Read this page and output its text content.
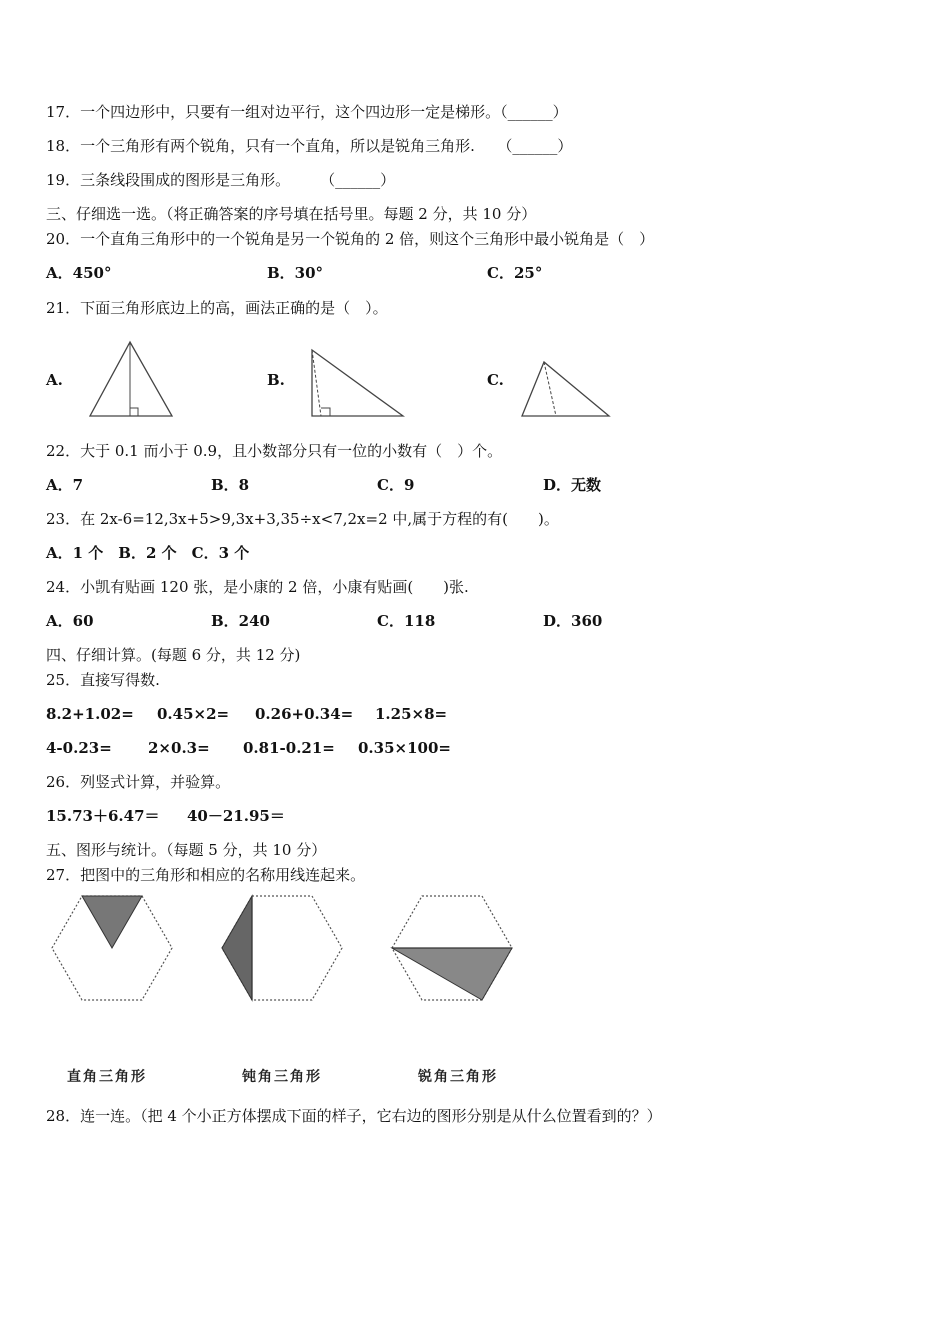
17．一个四边形中，只要有一组对边平行，这个四边形一定是梯形。（______）
18．一个三角形有两个锐角，只有一个直角，所以是锐角三角形.　　（______）
19．三条线段围成的图形是三角形。　　　（______）
三、仔细选一选。（将正确答案的序号填在括号里。每题 2 分，共 10 分）
20．一个直角三角形中的一个锐角是另一个锐角的 2 倍，则这个三角形中最小锐角是（　）
A．450°	B．30°	C．25°
21．下面三角形底边上的高，画法正确的是（　）。
A.	B.	C.
22．大于 0.1 而小于 0.9，且小数部分只有一位的小数有（　）个。
A．7	B．8	C．9	D．无数
23．在 2x-6=12,3x+5>9,3x+3,35÷x<7,2x=2 中,属于方程的有(　　)。
A．1 个　B．2 个　C．3 个
24．小凯有贴画 120 张，是小康的 2 倍，小康有贴画(　　)张.
A．60	B．240	C．118	D．360
四、仔细计算。(每题 6 分，共 12 分)
25．直接写得数.
8.2+1.02= 0.45×2= 0.26+0.34= 1.25×8=
4-0.23= 2×0.3= 0.81-0.21= 0.35×100=
26．列竖式计算，并验算。
15.73＋6.47＝ 40－21.95＝
五、图形与统计。（每题 5 分，共 10 分）
27．把图中的三角形和相应的名称用线连起来。
直角三角形	钝角三角形	锐角三角形
28．连一连。（把 4 个小正方体摆成下面的样子，它右边的图形分别是从什么位置看到的？）
